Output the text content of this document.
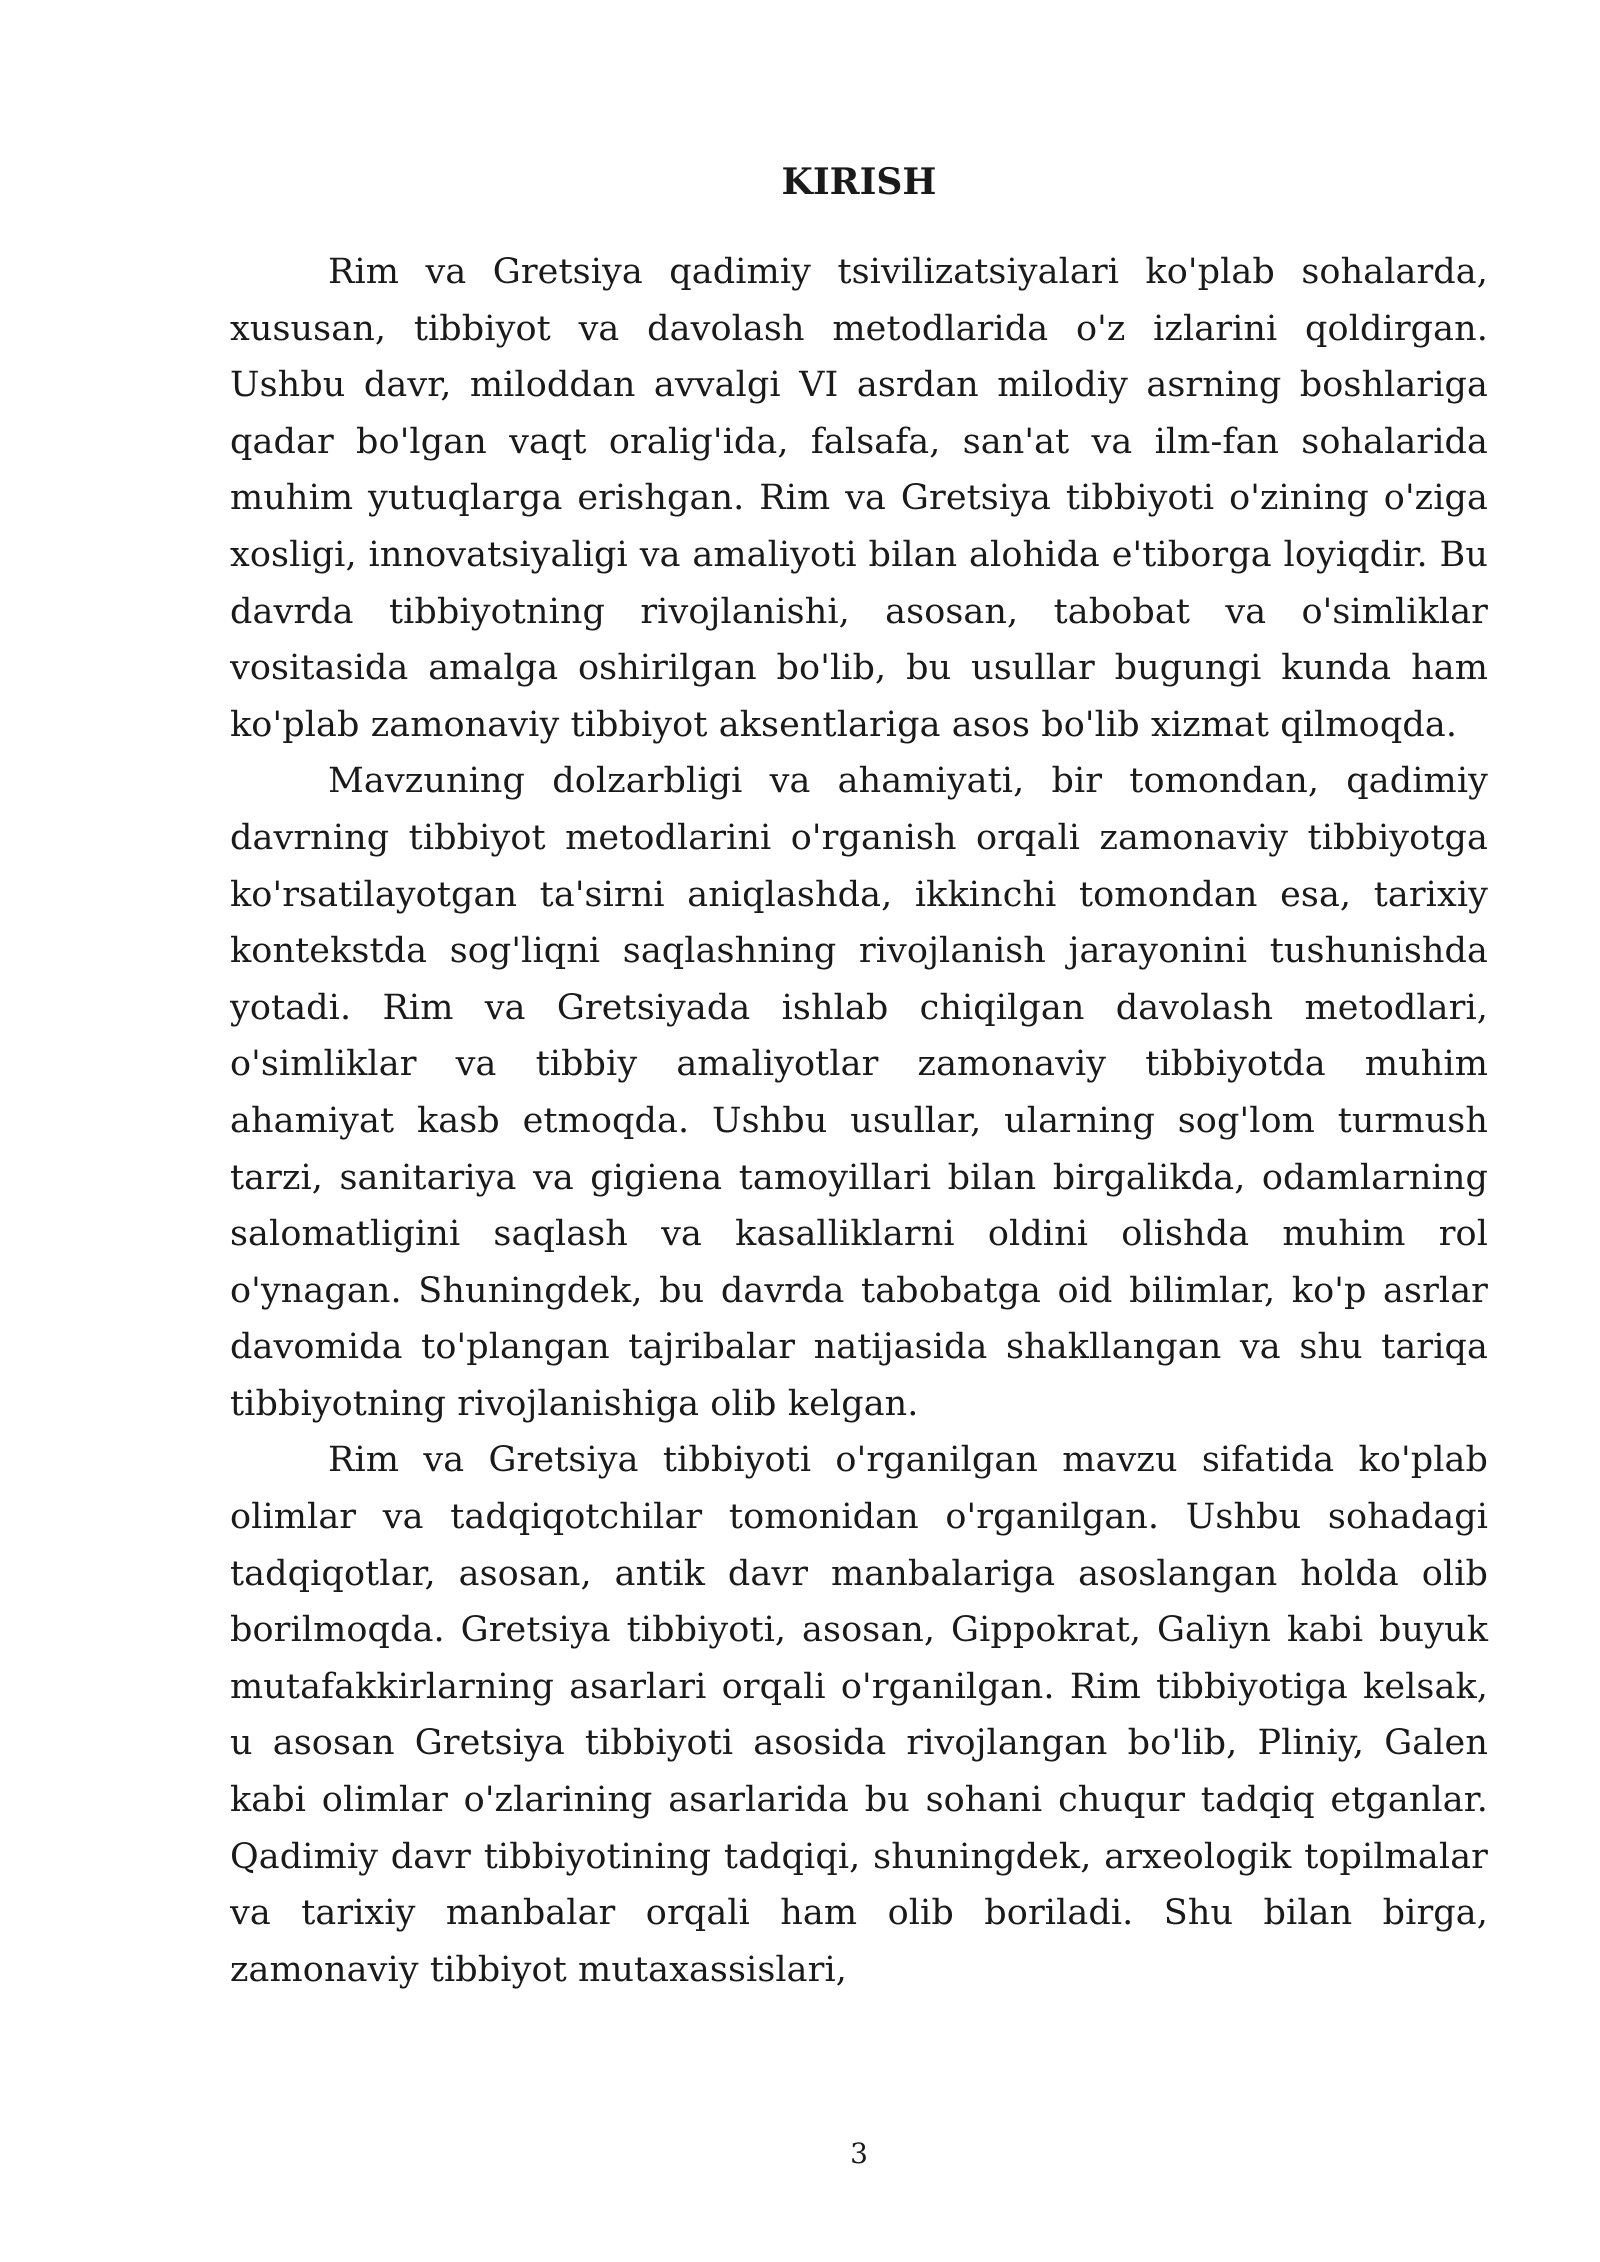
KIRISH

Rim va Gretsiya qadimiy tsivilizatsiyalari ko'plab sohalarda, xususan, tibbiyot va davolash metodlarida o'z izlarini qoldirgan. Ushbu davr, miloddan avvalgi VI asrdan milodiy asrning boshlariga qadar bo'lgan vaqt oralig'ida, falsafa, san'at va ilm-fan sohalarida muhim yutuqlarga erishgan. Rim va Gretsiya tibbiyoti o'zining o'ziga xosligi, innovatsiyaligi va amaliyoti bilan alohida e'tiborga loyiqdir. Bu davrda tibbiyotning rivojlanishi, asosan, tabobat va o'simliklar vositasida amalga oshirilgan bo'lib, bu usullar bugungi kunda ham ko'plab zamonaviy tibbiyot aksentlariga asos bo'lib xizmat qilmoqda.

Mavzuning dolzarbligi va ahamiyati, bir tomondan, qadimiy davrning tibbiyot metodlarini o'rganish orqali zamonaviy tibbiyotga ko'rsatilayotgan ta'sirni aniqlashda, ikkinchi tomondan esa, tarixiy kontekstda sog'liqni saqlashning rivojlanish jarayonini tushunishda yotadi. Rim va Gretsiyada ishlab chiqilgan davolash metodlari, o'simliklar va tibbiy amaliyotlar zamonaviy tibbiyotda muhim ahamiyat kasb etmoqda. Ushbu usullar, ularning sog'lom turmush tarzi, sanitariya va gigiena tamoyillari bilan birgalikda, odamlarning salomatligini saqlash va kasalliklarni oldini olishda muhim rol o'ynagan. Shuningdek, bu davrda tabobatga oid bilimlar, ko'p asrlar davomida to'plangan tajribalar natijasida shakllangan va shu tariqa tibbiyotning rivojlanishiga olib kelgan.

Rim va Gretsiya tibbiyoti o'rganilgan mavzu sifatida ko'plab olimlar va tadqiqotchilar tomonidan o'rganilgan. Ushbu sohadagi tadqiqotlar, asosan, antik davr manbalariga asoslangan holda olib borilmoqda. Gretsiya tibbiyoti, asosan, Gippokrat, Galiyn kabi buyuk mutafakkirlarning asarlari orqali o'rganilgan. Rim tibbiyotiga kelsak, u asosan Gretsiya tibbiyoti asosida rivojlangan bo'lib, Pliniy, Galen kabi olimlar o'zlarining asarlarida bu sohani chuqur tadqiq etganlar. Qadimiy davr tibbiyotining tadqiqi, shuningdek, arxeologik topilmalar va tarixiy manbalar orqali ham olib boriladi. Shu bilan birga, zamonaviy tibbiyot mutaxassislari,

3
